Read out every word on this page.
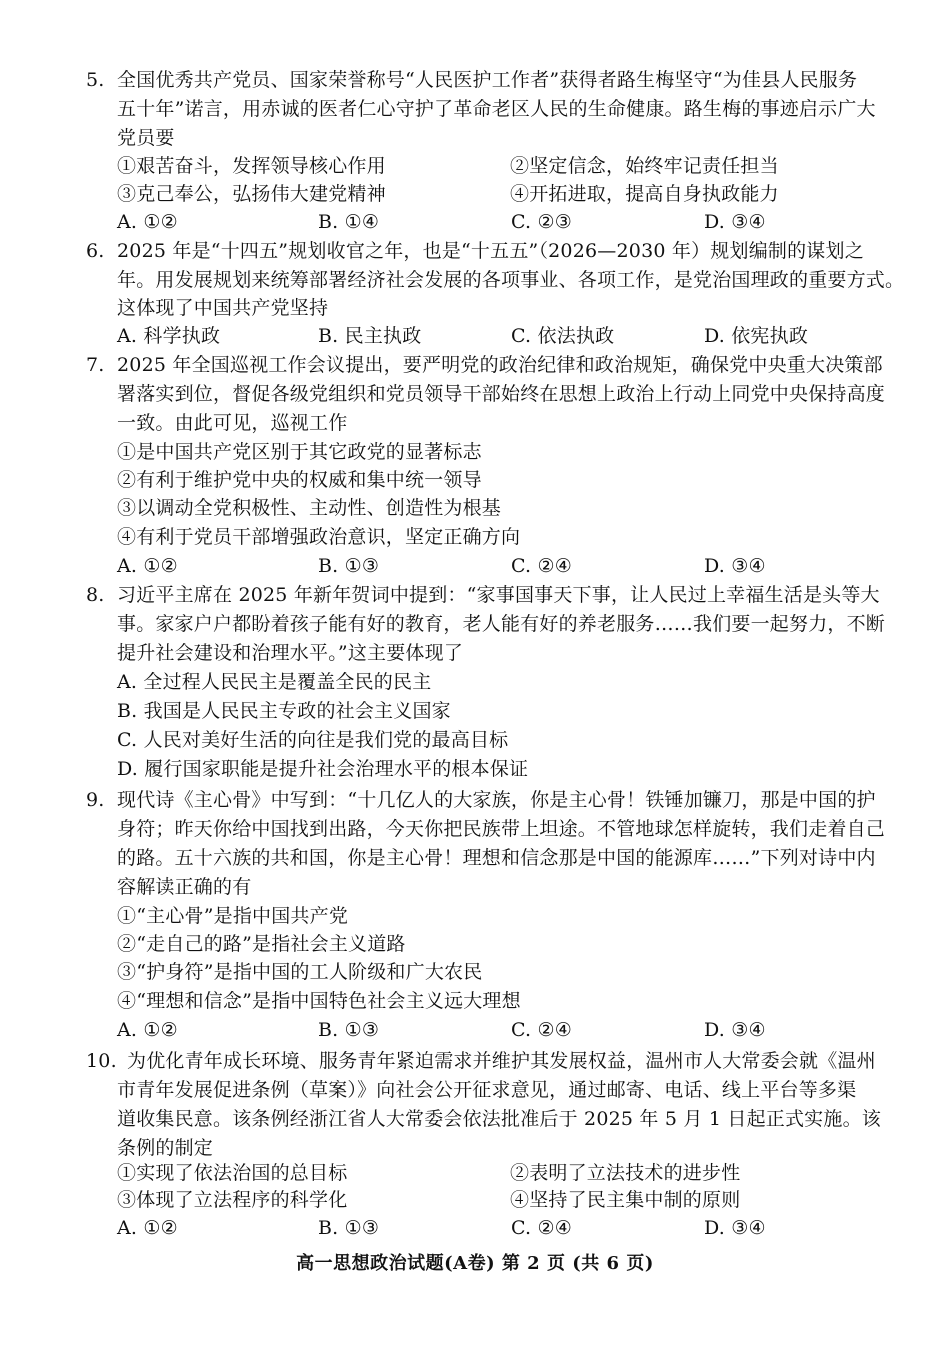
5. 全国优秀共产党员、国家荣誉称号“人民医护工作者”获得者路生梅坚守“为佳县人民服务
五十年”诺言，用赤诚的医者仁心守护了革命老区人民的生命健康。路生梅的事迹启示广大
党员要
①艰苦奋斗，发挥领导核心作用	②坚定信念，始终牢记责任担当
③克己奉公，弘扬伟大建党精神	④开拓进取，提高自身执政能力
A. ①②	B. ①④	C. ②③	D. ③④
6. 2025 年是“十四五”规划收官之年，也是“十五五”（2026—2030 年）规划编制的谋划之
年。用发展规划来统筹部署经济社会发展的各项事业、各项工作，是党治国理政的重要方式。
这体现了中国共产党坚持
A. 科学执政	B. 民主执政	C. 依法执政	D. 依宪执政
7. 2025 年全国巡视工作会议提出，要严明党的政治纪律和政治规矩，确保党中央重大决策部
署落实到位，督促各级党组织和党员领导干部始终在思想上政治上行动上同党中央保持高度
一致。由此可见，巡视工作
①是中国共产党区别于其它政党的显著标志
②有利于维护党中央的权威和集中统一领导
③以调动全党积极性、主动性、创造性为根基
④有利于党员干部增强政治意识，坚定正确方向
A. ①②	B. ①③	C. ②④	D. ③④
8. 习近平主席在 2025 年新年贺词中提到：“家事国事天下事，让人民过上幸福生活是头等大
事。家家户户都盼着孩子能有好的教育，老人能有好的养老服务……我们要一起努力，不断
提升社会建设和治理水平。”这主要体现了
A. 全过程人民民主是覆盖全民的民主
B. 我国是人民民主专政的社会主义国家
C. 人民对美好生活的向往是我们党的最高目标
D. 履行国家职能是提升社会治理水平的根本保证
9. 现代诗《主心骨》中写到：“十几亿人的大家族，你是主心骨！铁锤加镰刀，那是中国的护
身符；昨天你给中国找到出路，今天你把民族带上坦途。不管地球怎样旋转，我们走着自己
的路。五十六族的共和国，你是主心骨！理想和信念那是中国的能源库……”下列对诗中内
容解读正确的有
①“主心骨”是指中国共产党
②“走自己的路”是指社会主义道路
③“护身符”是指中国的工人阶级和广大农民
④“理想和信念”是指中国特色社会主义远大理想
A. ①②	B. ①③	C. ②④	D. ③④
10. 为优化青年成长环境、服务青年紧迫需求并维护其发展权益，温州市人大常委会就《温州
市青年发展促进条例（草案）》向社会公开征求意见，通过邮寄、电话、线上平台等多渠
道收集民意。该条例经浙江省人大常委会依法批准后于 2025 年 5 月 1 日起正式实施。该
条例的制定
①实现了依法治国的总目标	②表明了立法技术的进步性
③体现了立法程序的科学化	④坚持了民主集中制的原则
A. ①②	B. ①③	C. ②④	D. ③④
高一思想政治试题(A卷) 第 2 页 (共 6 页)
